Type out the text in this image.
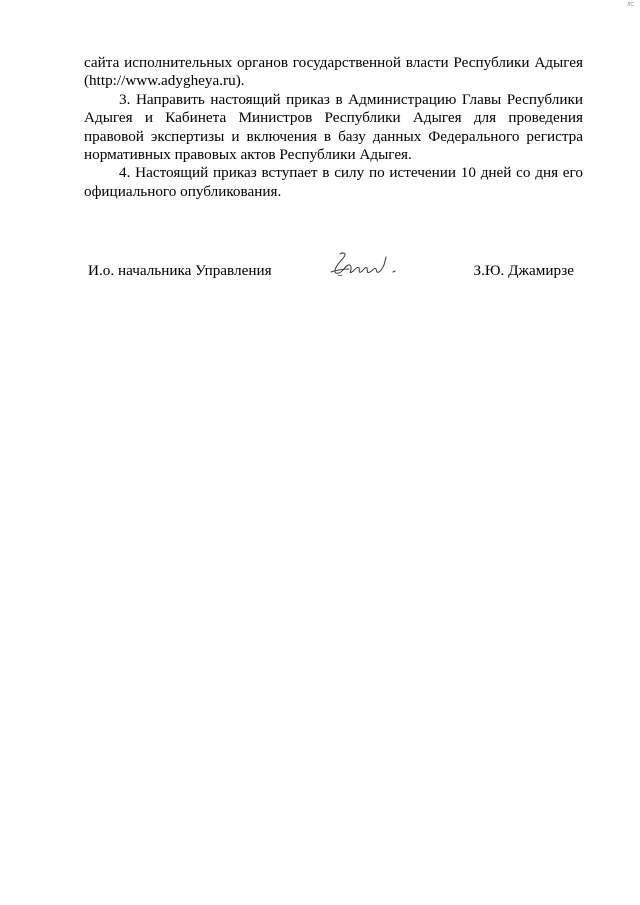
ЛС

сайта исполнительных органов государственной власти Республики Адыгея (http://www.adygheya.ru).

3. Направить настоящий приказ в Администрацию Главы Республики Адыгея и Кабинета Министров Республики Адыгея для проведения правовой экспертизы и включения в базу данных Федерального регистра нормативных правовых актов Республики Адыгея.

4. Настоящий приказ вступает в силу по истечении 10 дней со дня его официального опубликования.

И.о. начальника Управления	З.Ю. Джамирзе
